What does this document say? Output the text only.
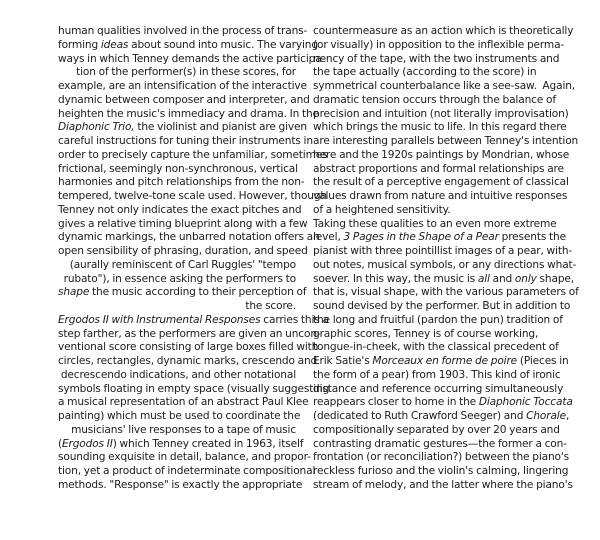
human qualities involved in the process of trans-
forming ideas about sound into music. The varying
ways in which Tenney demands the active participa-
tion of the performer(s) in these scores, for
example, are an intensification of the interactive
dynamic between composer and interpreter, and
heighten the music's immediacy and drama. In the
Diaphonic Trio, the violinist and pianist are given
careful instructions for tuning their instruments in
order to precisely capture the unfamiliar, sometimes
frictional, seemingly non-synchronous, vertical
harmonies and pitch relationships from the non-
tempered, twelve-tone scale used. However, though
Tenney not only indicates the exact pitches and
gives a relative timing blueprint along with a few
dynamic markings, the unbarred notation offers an
open sensibility of phrasing, duration, and speed
(aurally reminiscent of Carl Ruggles' "tempo
rubato"), in essence asking the performers to
shape the music according to their perception of
the score.
Ergodos II with Instrumental Responses carries this a
step farther, as the performers are given an uncon-
ventional score consisting of large boxes filled with
circles, rectangles, dynamic marks, crescendo and
decrescendo indications, and other notational
symbols floating in empty space (visually suggesting
a musical representation of an abstract Paul Klee
painting) which must be used to coordinate the
musicians' live responses to a tape of music
(Ergodos II) which Tenney created in 1963, itself
sounding exquisite in detail, balance, and propor-
tion, yet a product of indeterminate compositional
methods. "Response" is exactly the appropriate
countermeasure as an action which is theoretically
(or visually) in opposition to the inflexible perma-
nency of the tape, with the two instruments and
the tape actually (according to the score) in
symmetrical counterbalance like a see-saw.  Again,
dramatic tension occurs through the balance of
precision and intuition (not literally improvisation)
which brings the music to life. In this regard there
are interesting parallels between Tenney's intention
here and the 1920s paintings by Mondrian, whose
abstract proportions and formal relationships are
the result of a perceptive engagement of classical
values drawn from nature and intuitive responses
of a heightened sensitivity.
Taking these qualities to an even more extreme
level, 3 Pages in the Shape of a Pear presents the
pianist with three pointillist images of a pear, with-
out notes, musical symbols, or any directions what-
soever. In this way, the music is all and only shape,
that is, visual shape, with the various parameters of
sound devised by the performer. But in addition to
the long and fruitful (pardon the pun) tradition of
graphic scores, Tenney is of course working,
tongue-in-cheek, with the classical precedent of
Erik Satie's Morceaux en forme de poire (Pieces in
the form of a pear) from 1903. This kind of ironic
distance and reference occurring simultaneously
reappears closer to home in the Diaphonic Toccata
(dedicated to Ruth Crawford Seeger) and Chorale,
compositionally separated by over 20 years and
contrasting dramatic gestures—the former a con-
frontation (or reconciliation?) between the piano's
reckless furioso and the violin's calming, lingering
stream of melody, and the latter where the piano's
